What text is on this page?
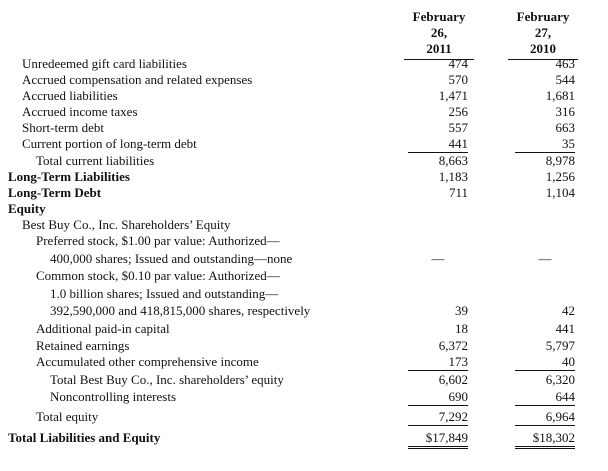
February 26,
2011
February 27,
2010
Unredeemed gift card liabilities	474	463
Accrued compensation and related expenses	570	544
Accrued liabilities	1,471	1,681
Accrued income taxes	256	316
Short-term debt	557	663
Current portion of long-term debt	441	35
Total current liabilities	8,663	8,978
Long-Term Liabilities	1,183	1,256
Long-Term Debt	711	1,104
Equity
Best Buy Co., Inc. Shareholders’ Equity
Preferred stock, $1.00 par value: Authorized—
400,000 shares; Issued and outstanding—none	—	—
Common stock, $0.10 par value: Authorized—
1.0 billion shares; Issued and outstanding—
392,590,000 and 418,815,000 shares, respectively	39	42
Additional paid-in capital	18	441
Retained earnings	6,372	5,797
Accumulated other comprehensive income	173	40
Total Best Buy Co., Inc. shareholders’ equity	6,602	6,320
Noncontrolling interests	690	644
Total equity	7,292	6,964
Total Liabilities and Equity	$17,849	$18,302
